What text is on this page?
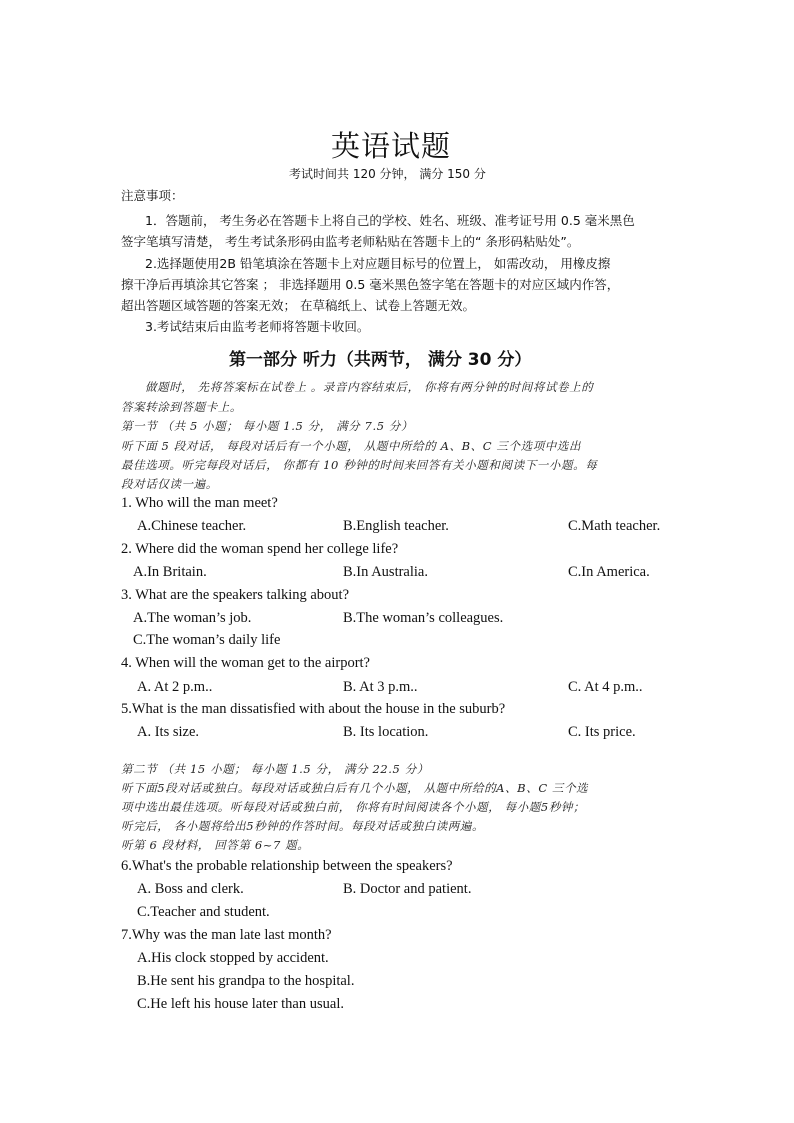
英语试题
考试时间共 120 分钟， 满分 150 分
注意事项：
1．答题前， 考生务必在答题卡上将自己的学校、姓名、班级、准考证号用 0.5 毫米黑色
签字笔填写清楚， 考生考试条形码由监考老师粘贴在答题卡上的“ 条形码粘贴处”。
2.选择题使用2B 铅笔填涂在答题卡上对应题目标号的位置上， 如需改动， 用橡皮擦
擦干净后再填涂其它答案 ； 非选择题用 0.5 毫米黑色签字笔在答题卡的对应区域内作答，
超出答题区域答题的答案无效； 在草稿纸上、试卷上答题无效。
3.考试结束后由监考老师将答题卡收回。
第一部分 听力（共两节， 满分 30 分）
做题时， 先将答案标在试卷上 。录音内容结束后， 你将有两分钟的时间将试卷上的
答案转涂到答题卡上。
第一节 （共 5 小题； 每小题 1.5 分， 满分 7.5 分）
听下面 5 段对话， 每段对话后有一个小题， 从题中所给的 A、B、C 三个选项中选出
最佳选项。听完每段对话后， 你都有 10 秒钟的时间来回答有关小题和阅读下一小题。每
段对话仅读一遍。
1. Who will the man meet?
A.Chinese teacher.	B.English teacher.	C.Math teacher.
2. Where did the woman spend her college life?
A.In Britain.	B.In Australia.	C.In America.
3. What are the speakers talking about?
A.The woman’s job.	B.The woman’s colleagues.
C.The woman’s daily life
4. When will the woman get to the airport?
A. At 2 p.m..	B. At 3 p.m..	C. At 4 p.m..
5.What is the man dissatisfied with about the house in the suburb?
A. Its size.	B. Its location.	C. Its price.
第二节 （共 15 小题； 每小题 1.5 分， 满分 22.5 分）
听下面5段对话或独白。每段对话或独白后有几个小题， 从题中所给的A、B、C 三个选
项中选出最佳选项。听每段对话或独白前， 你将有时间阅读各个小题， 每小题5秒钟；
听完后， 各小题将给出5秒钟的作答时间。每段对话或独白读两遍。
听第 6 段材料， 回答第 6~7 题。
6.What's the probable relationship between the speakers?
A. Boss and clerk.	B. Doctor and patient.
C.Teacher and student.
7.Why was the man late last month?
A.His clock stopped by accident.
B.He sent his grandpa to the hospital.
C.He left his house later than usual.
